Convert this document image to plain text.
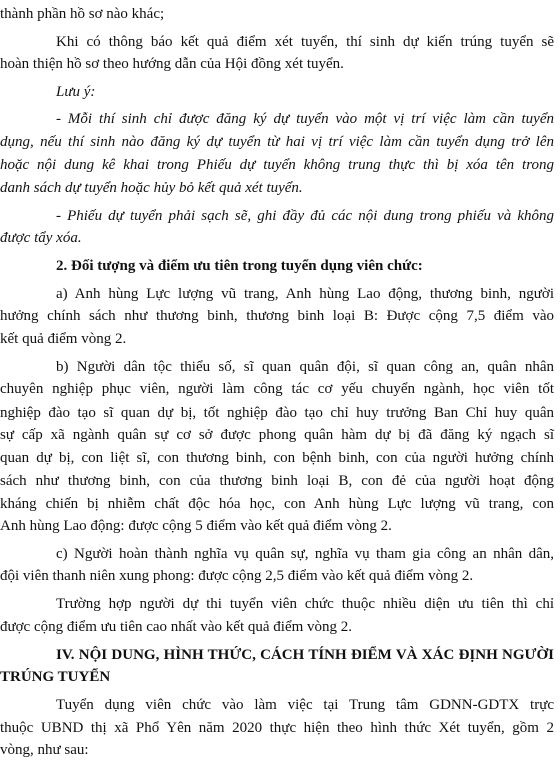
thành phần hồ sơ nào khác;
Khi có thông báo kết quả điểm xét tuyển, thí sinh dự kiến trúng tuyển sẽ
hoàn thiện hồ sơ theo hướng dẫn của Hội đồng xét tuyển.
Lưu ý:
- Mỗi thí sinh chỉ được đăng ký dự tuyển vào một vị trí việc làm cần tuyển
dụng, nếu thí sinh nào đăng ký dự tuyển từ hai vị trí việc làm cần tuyển dụng trở lên
hoặc nội dung kê khai trong Phiếu dự tuyển không trung thực thì bị xóa tên trong
danh sách dự tuyển hoặc hủy bỏ kết quả xét tuyển.
- Phiếu dự tuyển phải sạch sẽ, ghi đầy đủ các nội dung trong phiếu và không
được tẩy xóa.
2. Đối tượng và điểm ưu tiên trong tuyển dụng viên chức:
a) Anh hùng Lực lượng vũ trang, Anh hùng Lao động, thương binh, người
hưởng chính sách như thương binh, thương binh loại B: Được cộng 7,5 điểm vào
kết quả điểm vòng 2.
b) Người dân tộc thiểu số, sĩ quan quân đội, sĩ quan công an, quân nhân
chuyên nghiệp phục viên, người làm công tác cơ yếu chuyển ngành, học viên tốt
nghiệp đào tạo sĩ quan dự bị, tốt nghiệp đào tạo chỉ huy trưởng Ban Chỉ huy quân
sự cấp xã ngành quân sự cơ sở được phong quân hàm dự bị đã đăng ký ngạch sĩ
quan dự bị, con liệt sĩ, con thương binh, con bệnh binh, con của người hưởng chính
sách như thương binh, con của thương binh loại B, con đẻ của người hoạt động
kháng chiến bị nhiễm chất độc hóa học, con Anh hùng Lực lượng vũ trang, con
Anh hùng Lao động: được cộng 5 điểm vào kết quả điểm vòng 2.
c) Người hoàn thành nghĩa vụ quân sự, nghĩa vụ tham gia công an nhân dân,
đội viên thanh niên xung phong: được cộng 2,5 điểm vào kết quả điểm vòng 2.
Trường hợp người dự thi tuyển viên chức thuộc nhiều diện ưu tiên thì chỉ
được cộng điểm ưu tiên cao nhất vào kết quả điểm vòng 2.
IV. NỘI DUNG, HÌNH THỨC, CÁCH TÍNH ĐIỂM VÀ XÁC ĐỊNH NGƯỜI
TRÚNG TUYỂN
Tuyển dụng viên chức vào làm việc tại Trung tâm GDNN-GDTX trực
thuộc UBND thị xã Phổ Yên năm 2020 thực hiện theo hình thức Xét tuyển, gồm 2
vòng, như sau:
